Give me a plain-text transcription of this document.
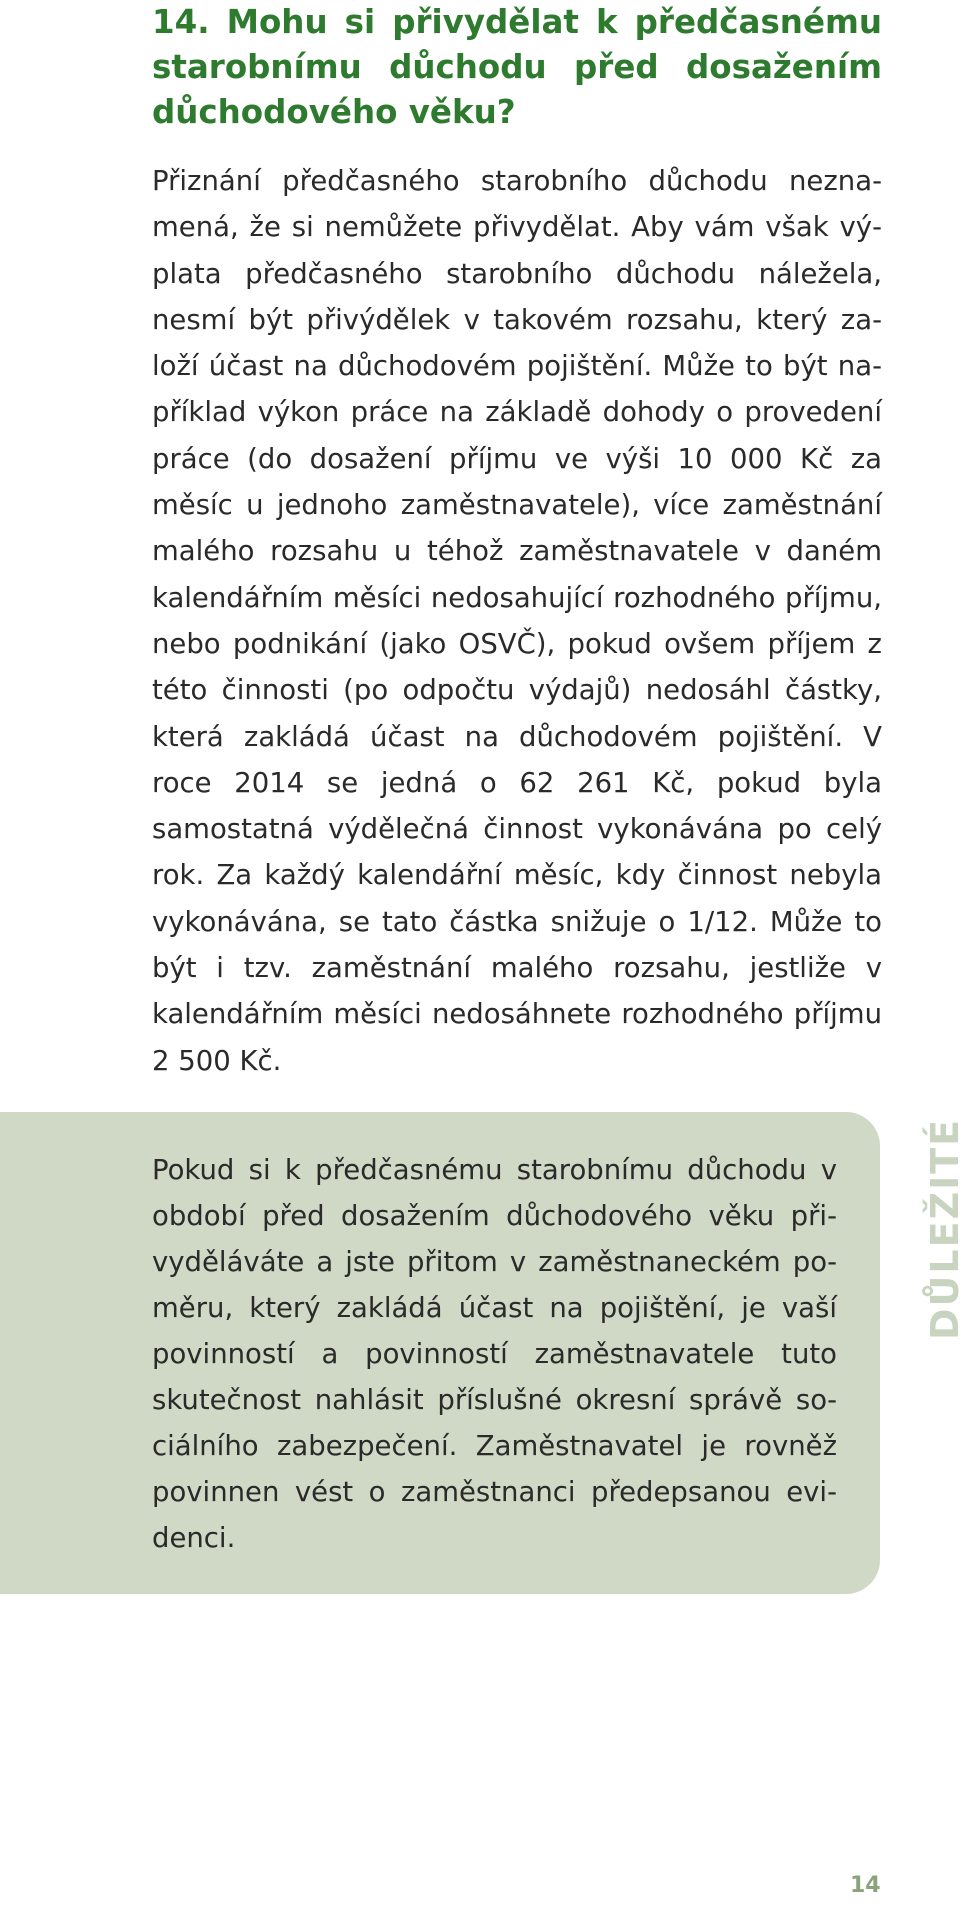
14. Mohu si přivydělat k předčasnému starobnímu důchodu před dosažením důchodového věku?

Přiznání předčasného starobního důchodu neznamená, že si nemůžete přivydělat. Aby vám však výplata předčasného starobního důchodu náležela, nesmí být přivýdělek v takovém rozsahu, který založí účast na důchodovém pojištění. Může to být například výkon práce na základě dohody o provedení práce (do dosažení příjmu ve výši 10 000 Kč za měsíc u jednoho zaměstnavatele), více zaměstnání malého rozsahu u téhož zaměstnavatele v daném kalendářním měsíci nedosahující rozhodného příjmu, nebo podnikání (jako OSVČ), pokud ovšem příjem z této činnosti (po odpočtu výdajů) nedosáhl částky, která zakládá účast na důchodovém pojištění. V roce 2014 se jedná o 62 261 Kč, pokud byla samostatná výdělečná činnost vykonávána po celý rok. Za každý kalendářní měsíc, kdy činnost nebyla vykonávána, se tato částka snižuje o 1/12. Může to být i tzv. zaměstnání malého rozsahu, jestliže v kalendářním měsíci nedosáhnete rozhodného příjmu 2 500 Kč.

Pokud si k předčasnému starobnímu důchodu v období před dosažením důchodového věku přivyděláváte a jste přitom v zaměstnaneckém poměru, který zakládá účast na pojištění, je vaší povinností a povinností zaměstnavatele tuto skutečnost nahlásit příslušné okresní správě sociálního zabezpečení. Zaměstnavatel je rovněž povinnen vést o zaměstnanci předepsanou evidenci.

DŮLEŽITÉ
14
